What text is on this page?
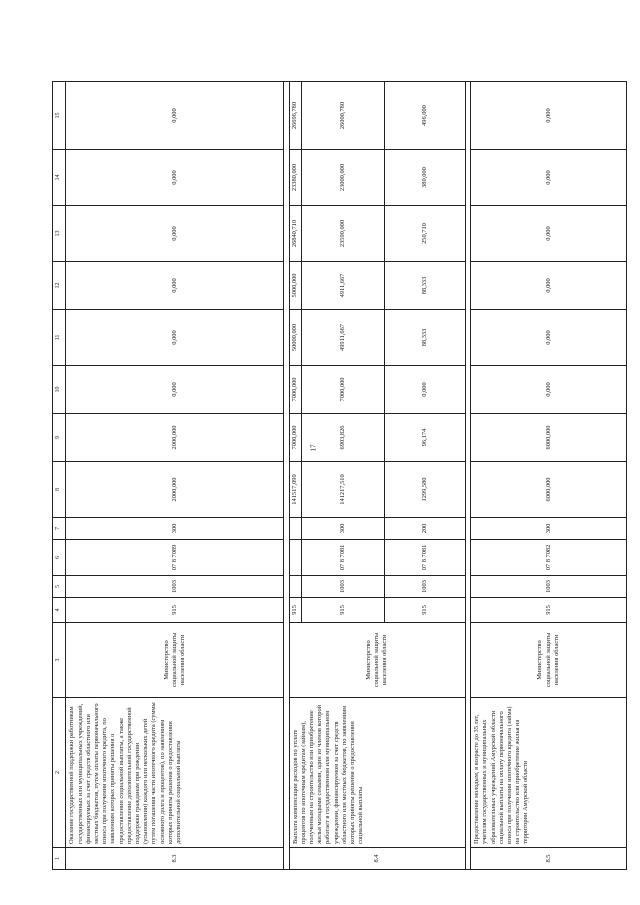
17
1	2	3	4	5	6	7	8	9	10	11	12	13	14	15
8.3	Оказание государственной поддержки работникам государственных или муниципальных учреждений, финансируемых за счет средств областного или местных бюджетов, путем оплаты первоначального взноса при получении ипотечного кредита, по заявлениям которых приняты решения о предоставлении социальной выплаты, а также предоставление дополнительной государственной поддержки гражданам при рождении (усыновлении) каждого или нескольких детей путем погашения части ипотечного кредита (суммы основного долга и процентов), по заявлениям которых приняты решения о предоставлении дополнительной социальной выплаты	Министерство социальной защиты населения области	915	1003	07 8 7089	300	2000,000	2000,000	0,000	0,000	0,000	0,000	0,000	0,000

8.4	Выплата компенсации расходов по уплате процентов по ипотечным кредитам (займам), полученным на строительство или приобретение жилья молодыми семьями, один из членов которой работает в государственном или муниципальном учреждении, финансируемом за счет средств областного или местных бюджетов, по заявлениям которых приняты решения о предоставлении социальной выплаты	Министерство социальной защиты населения области	915				141517,090	7000,000	7000,000	50000,000	5000,000	26840,710	23380,000	26696,780
			915	1003	07 8 7081	300	141217,510	6903,826	7000,000	49911,667	4911,667	23590,000	23000,000	26000,780
			915	1003	07 8 7081	200	1299,580	96,174	0,000	88,333	88,333	250,710	380,000	496,000

8.5	Предоставление молодым, в возрасте до 35 лет, учителям государственных и муниципальных образовательных учреждений Амурской области социальной выплаты на оплату первоначального взноса при получении ипотечного кредита (займа) на строительство или приобретение жилья на территории Амурской области	Министерство социальной защиты населения области	915	1003	07 8 7082	300	6000,000	6000,000	0,000	0,000	0,000	0,000	0,000	0,000
